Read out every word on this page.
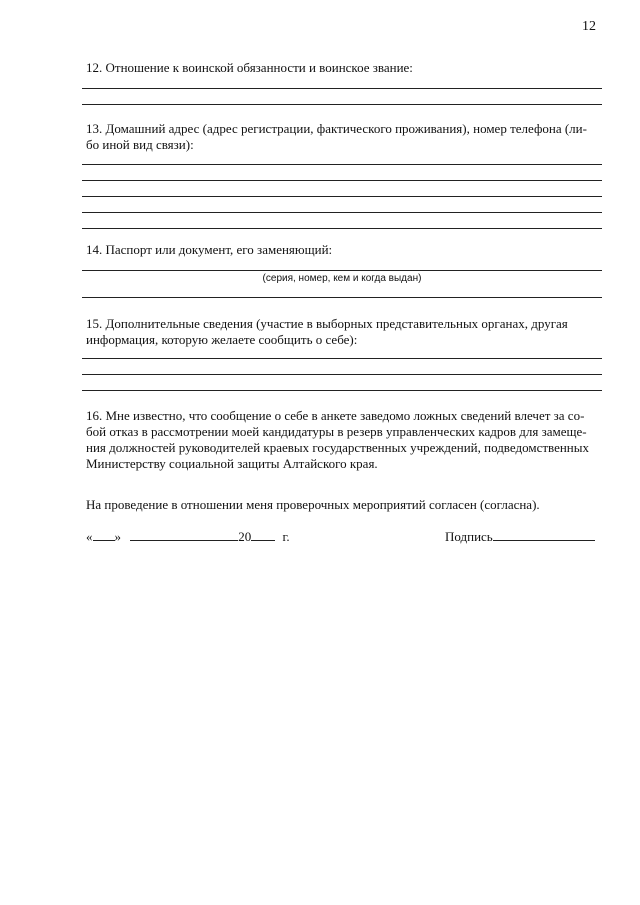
12
12. Отношение к воинской обязанности и воинское звание:
13. Домашний адрес (адрес регистрации, фактического проживания), номер телефона (ли-
бо иной вид связи):
14. Паспорт или документ, его заменяющий:
(серия, номер, кем и когда выдан)
15. Дополнительные сведения (участие в выборных представительных органах, другая
информация, которую желаете сообщить о себе):
16. Мне известно, что сообщение о себе в анкете заведомо ложных сведений влечет за со-
бой отказ в рассмотрении моей кандидатуры в резерв управленческих кадров для замеще-
ния должностей руководителей краевых государственных учреждений, подведомственных
Министерству социальной защиты Алтайского края.
На проведение в отношении меня проверочных мероприятий согласен (согласна).
« »	20 г.	Подпись
